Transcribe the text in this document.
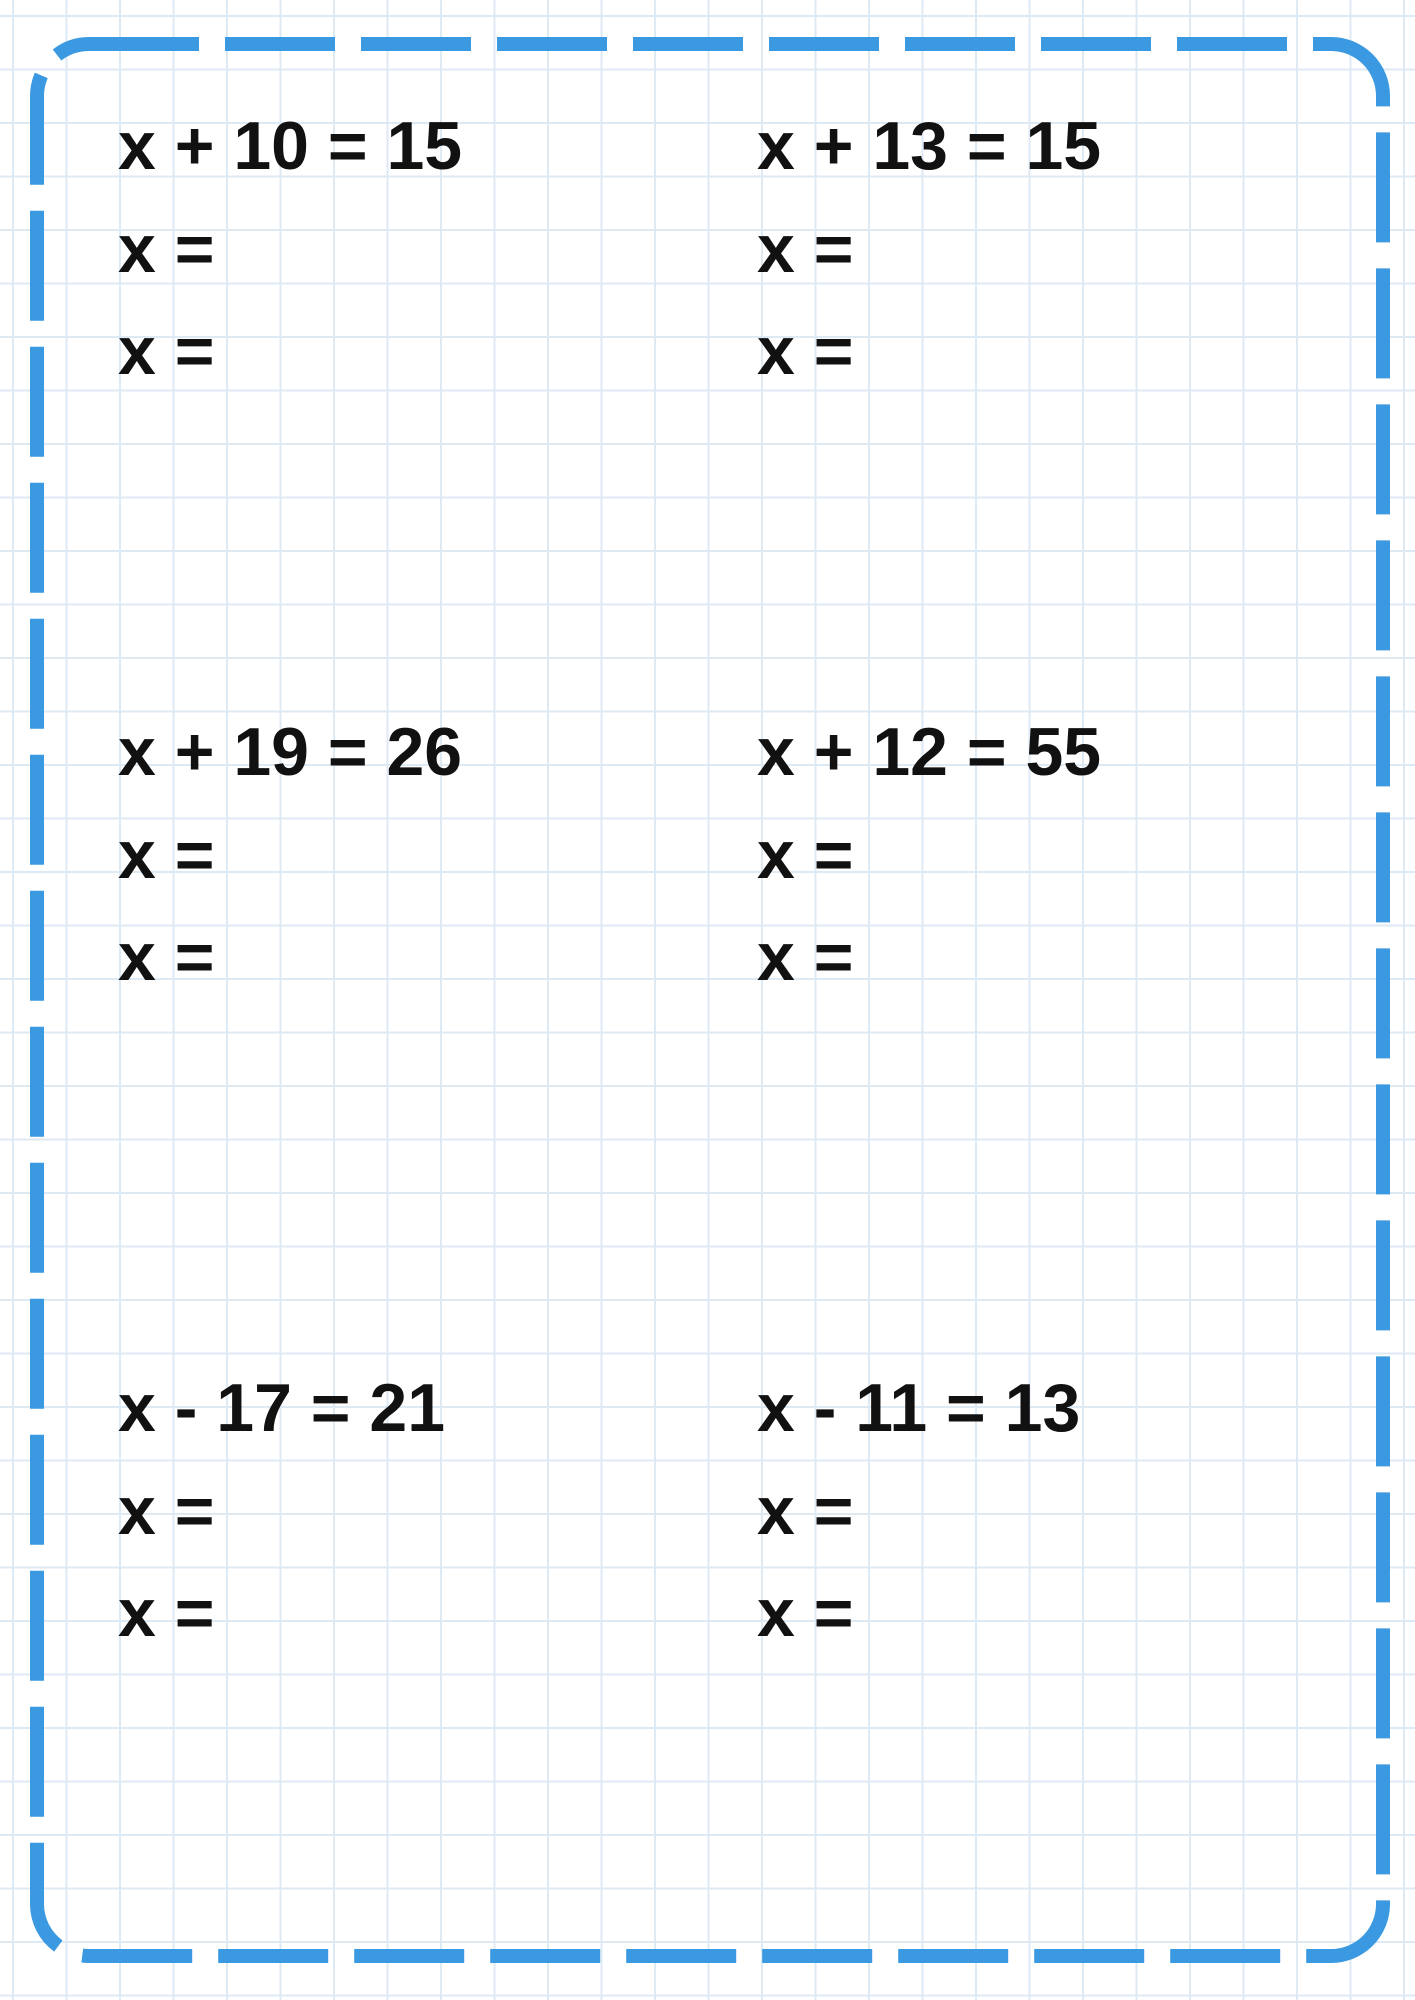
x + 10 = 15
x =
x =
x + 13 = 15
x =
x =
x + 19 = 26
x =
x =
x + 12 = 55
x =
x =
x - 17 = 21
x =
x =
x - 11 = 13
x =
x =
